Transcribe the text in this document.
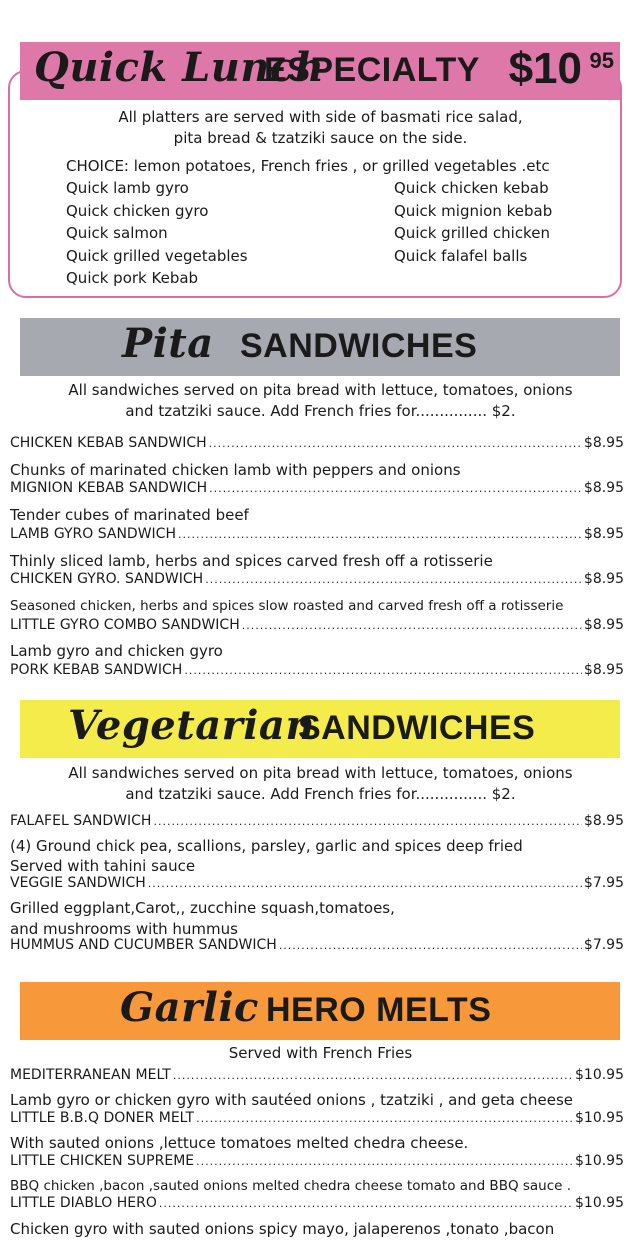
Quick Lunch
ESPECIALTY $10 95
All platters are served with side of basmati rice salad,
pita bread & tzatziki sauce on the side.
CHOICE: lemon potatoes, French fries , or grilled vegetables .etc
Quick lamb gyro
Quick chicken gyro
Quick salmon
Quick grilled vegetables
Quick pork Kebab
Quick chicken kebab
Quick mignion kebab
Quick grilled chicken
Quick falafel balls
Pita SANDWICHES
All sandwiches served on pita bread with lettuce, tomatoes, onions
and tzatziki sauce. Add French fries for............... $2.
CHICKEN KEBAB SANDWICH .....	$8.95
Chunks of marinated chicken lamb with peppers and onions
MIGNION KEBAB SANDWICH .....	$8.95
Tender cubes of marinated beef
LAMB GYRO SANDWICH .....	$8.95
Thinly sliced lamb, herbs and spices carved fresh off a rotisserie
CHICKEN GYRO. SANDWICH .....	$8.95
Seasoned chicken, herbs and spices slow roasted and carved fresh off a rotisserie
LITTLE GYRO COMBO SANDWICH .....	$8.95
Lamb gyro and chicken gyro
PORK KEBAB SANDWICH .....	$8.95
Vegetarian
SANDWICHES
All sandwiches served on pita bread with lettuce, tomatoes, onions
and tzatziki sauce. Add French fries for............... $2.
FALAFEL SANDWICH .....	$8.95
(4) Ground chick pea, scallions, parsley, garlic and spices deep fried
Served with tahini sauce
VEGGIE SANDWICH .....	$7.95
Grilled eggplant,Carot,, zucchine squash,tomatoes,
and mushrooms with hummus
HUMMUS AND CUCUMBER SANDWICH .....	$7.95
Garlic HERO MELTS
Served with French Fries
MEDITERRANEAN MELT .....	$10.95
Lamb gyro or chicken gyro with sautéed onions , tzatziki , and geta cheese
LITTLE B.B.Q DONER MELT .....	$10.95
With sauted onions ,lettuce tomatoes melted chedra cheese.
LITTLE CHICKEN SUPREME .....	$10.95
BBQ chicken ,bacon ,sauted onions melted chedra cheese tomato and BBQ sauce .
LITTLE DIABLO HERO .....	$10.95
Chicken gyro with sauted onions spicy mayo, jalaperenos ,tonato ,bacon
